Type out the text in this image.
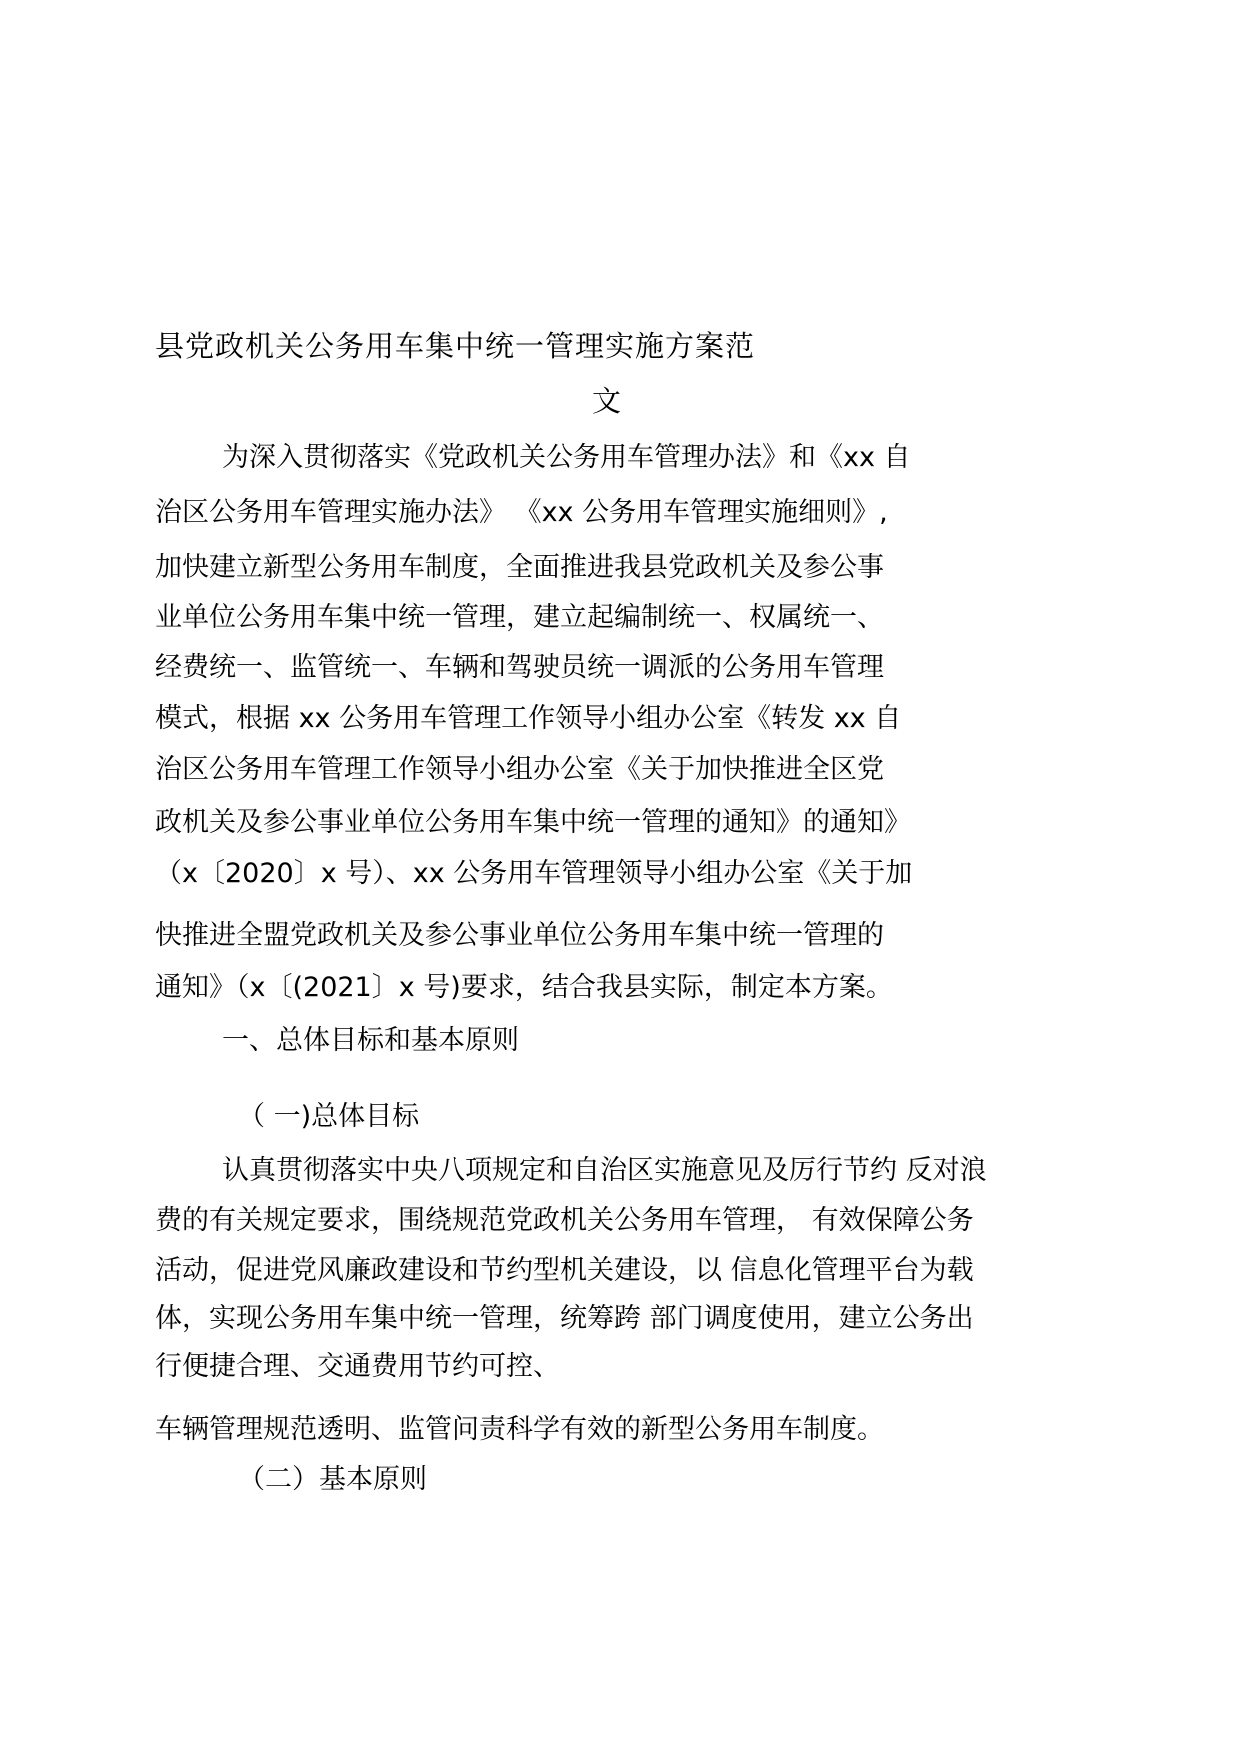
县党政机关公务用车集中统一管理实施方案范
文
为深入贯彻落实《党政机关公务用车管理办法》和《xx 自
治区公务用车管理实施办法》 《xx 公务用车管理实施细则》,
加快建立新型公务用车制度，全面推进我县党政机关及参公事
业单位公务用车集中统一管理，建立起编制统一、权属统一、
经费统一、监管统一、车辆和驾驶员统一调派的公务用车管理
模式，根据 xx 公务用车管理工作领导小组办公室《转发 xx 自
治区公务用车管理工作领导小组办公室《关于加快推进全区党
政机关及参公事业单位公务用车集中统一管理的通知》的通知》
（x〔2020〕x 号）、xx 公务用车管理领导小组办公室《关于加
快推进全盟党政机关及参公事业单位公务用车集中统一管理的
通知》（x〔(2021〕x 号)要求，结合我县实际，制定本方案。
一、总体目标和基本原则
（ 一)总体目标
认真贯彻落实中央八项规定和自治区实施意见及厉行节约 反对浪
费的有关规定要求，围绕规范党政机关公务用车管理， 有效保障公务
活动，促进党风廉政建设和节约型机关建设，以 信息化管理平台为载
体，实现公务用车集中统一管理，统筹跨 部门调度使用，建立公务出
行便捷合理、交通费用节约可控、
车辆管理规范透明、监管问责科学有效的新型公务用车制度。
（二）基本原则
